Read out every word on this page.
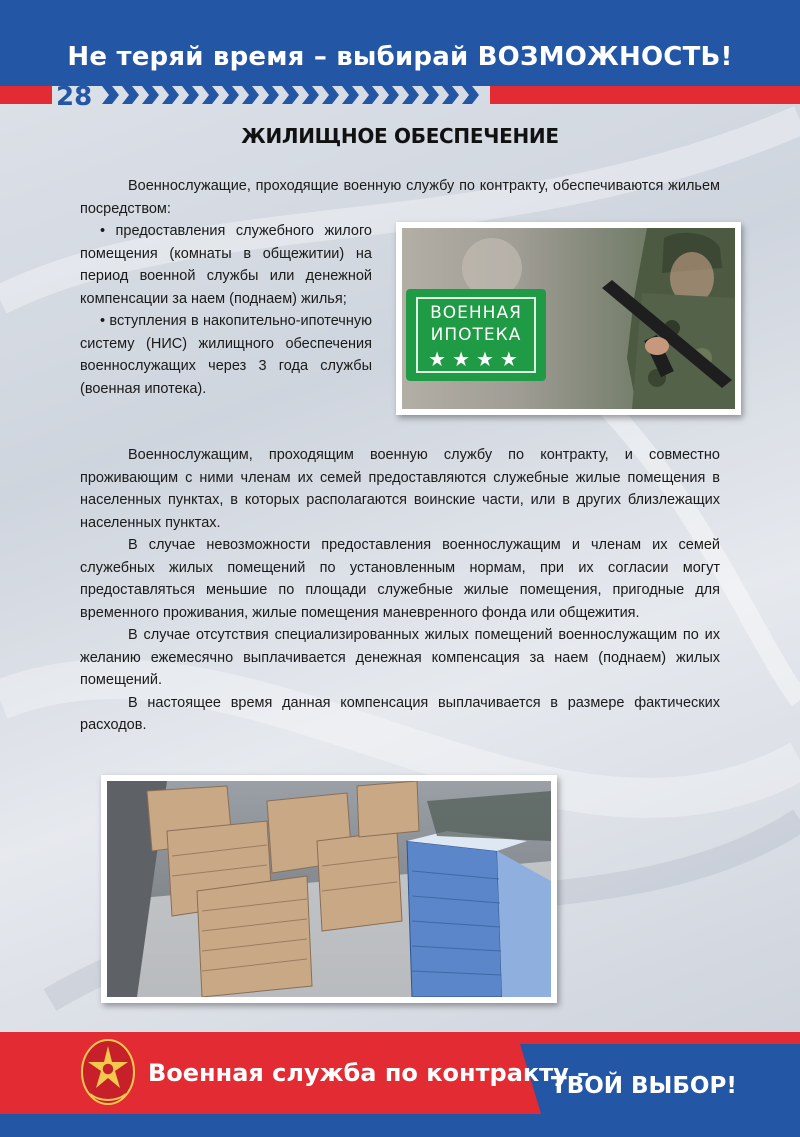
Не теряй время – выбирай ВОЗМОЖНОСТЬ!
28
ЖИЛИЩНОЕ ОБЕСПЕЧЕНИЕ

Военнослужащие, проходящие военную службу по контракту, обеспечиваются жильем посредством:

• предоставления служебного жилого помещения (комнаты в общежитии) на период военной службы или денежной компенсации за наем (поднаем) жилья;

• вступления в накопительно-ипотечную систему (НИС) жилищного обеспечения военнослужащих через 3 года службы (военная ипотека).

ВОЕННАЯ
ИПОТЕКА
★★★★

Военнослужащим, проходящим военную службу по контракту, и совместно проживающим с ними членам их семей предоставляются служебные жилые помещения в населенных пунктах, в которых располагаются воинские части, или в других близлежащих населенных пунктах.

В случае невозможности предоставления военнослужащим и членам их семей служебных жилых помещений по установленным нормам, при их согласии могут предоставляться меньшие по площади служебные жилые помещения, пригодные для временного проживания, жилые помещения маневренного фонда или общежития.

В случае отсутствия специализированных жилых помещений военнослужащим по их желанию ежемесячно выплачивается денежная компенсация за наем (поднаем) жилых помещений.

В настоящее время данная компенсация выплачивается в размере фактических расходов.

Военная служба по контракту –
ТВОЙ ВЫБОР!
